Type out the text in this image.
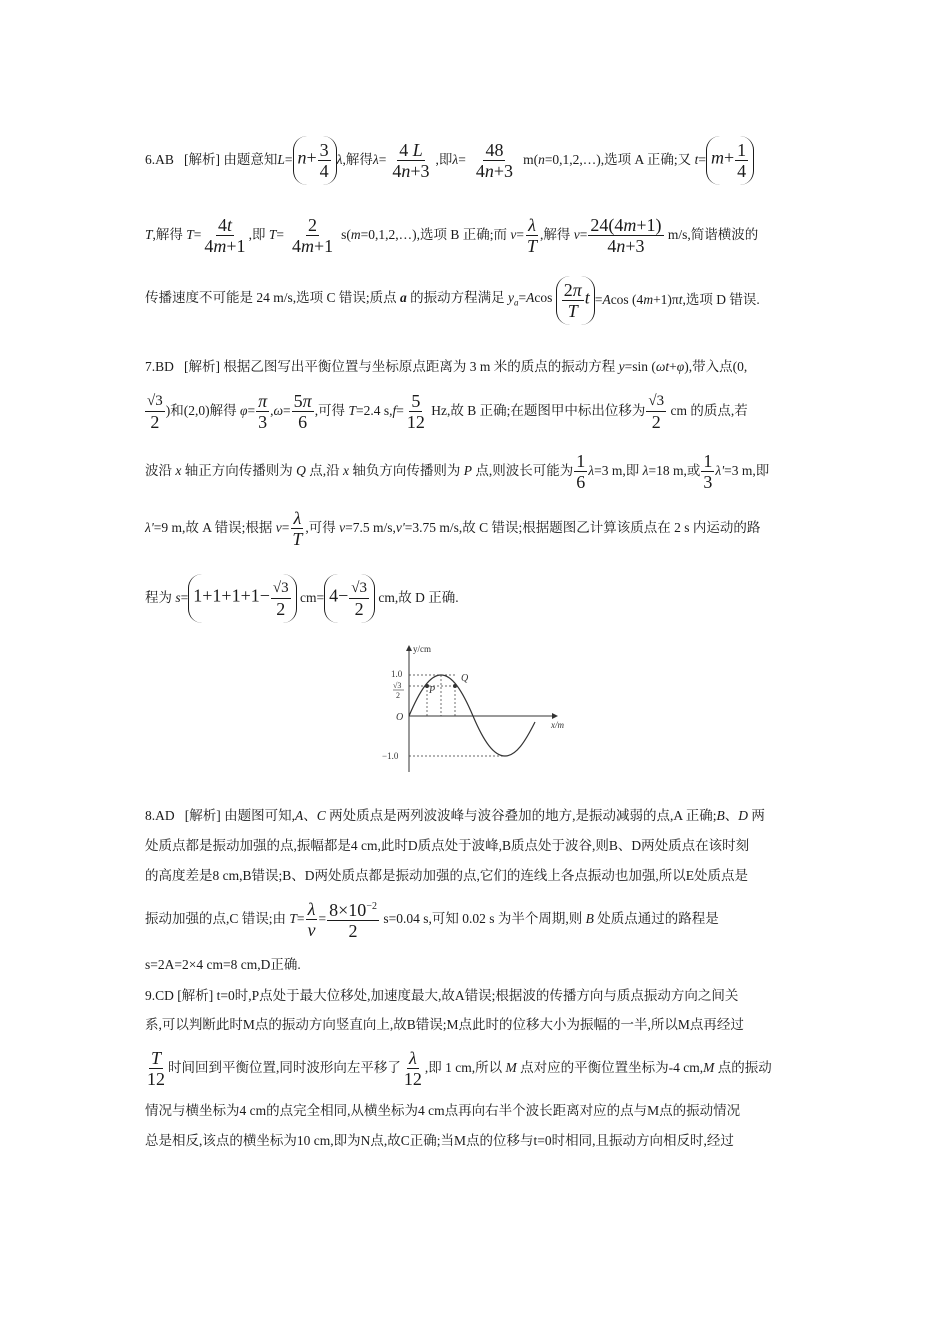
6.AB   [解析] 由题意知$L= n+ \frac{3}{4} \lambda$,解得$\lambda= \frac{4 L}{4n+3}$ ,即$\lambda= \frac{48}{4n+3}$ m(n=0,1,2,…),选项 A 正确;又 $t= m+ \frac{1}{4}$
T,解得 $T= \frac{4t}{4m+1}$ ,即 $T= \frac{2}{4m+1}$ s(m=0,1,2,…),选项 B 正确;而 $v= \frac{\lambda}{T}$ ,解得 $v= \frac{24(4m+1)}{4n+3} m/s$,简谐横波的
传播速度不可能是 24 m/s,选项 C 错误;质点 a 的振动方程满足 $y_a=Acos \frac{2\pi}{T}$ t =Acos (4m+1)πt,选项 D 错误.
7.BD   [解析] 根据乙图写出平衡位置与坐标原点距离为 3 m 米的质点的振动方程 y=sin (ωt+φ),带入点(0,
$\frac{√3}{2}$ )和(2,0)解得 $\varphi= \frac{\pi}{3} ,\omega= \frac{5\pi}{6}$ ,可得 T=2.4 $s,f= \frac{5}{12} Hz$,故 B 正确;在题图甲中标出位移为 $\frac{√3}{2}$ cm 的质点,若
波沿 x 轴正方向传播则为 Q 点,沿 x 轴负方向传播则为 P 点,则波长可能为 $\frac{1}{6} \lambda=3$ m,即 λ=18 m,或 $\frac{1}{3} \lambda'=3$ m,即
λ'=9 m,故 A 错误;根据 $v= \frac{\lambda}{T}$ ,可得 v=7.5 m/s,v'=3.75 m/s,故 C 错误;根据题图乙计算该质点在 2 s 内运动的路
程为 $s= 1+1+1+1- \frac{√3}{2} cm= 4- \frac{√3}{2}$ cm,故 D 正确.
y/cm
x/m
1.0
−1.0
√3
2
O
P
Q
8.AD   [解析] 由题图可知,A、C 两处质点是两列波波峰与波谷叠加的地方,是振动减弱的点,A 正确;B、D 两
处质点都是振动加强的点,振幅都是4 cm,此时D质点处于波峰,B质点处于波谷,则B、D两处质点在该时刻
的高度差是8 cm,B错误;B、D两处质点都是振动加强的点,它们的连线上各点振动也加强,所以E处质点是
振动加强的点,C 错误;由 $T= \frac{\lambda}{v} = \frac{8\times 10^{-2}}{2} s=0.04$ s,可知 0.02 s 为半个周期,则 B 处质点通过的路程是
s=2A=2×4 cm=8 cm,D正确.
9.CD [解析] t=0时,P点处于最大位移处,加速度最大,故A错误;根据波的传播方向与质点振动方向之间关
系,可以判断此时M点的振动方向竖直向上,故B错误;M点此时的位移大小为振幅的一半,所以M点再经过
$\frac{T}{12}$ 时间回到平衡位置,同时波形向左平移了 $\frac{\lambda}{12}$ ,即 1 cm,所以 M 点对应的平衡位置坐标为-4 cm,M 点的振动
情况与横坐标为4 cm的点完全相同,从横坐标为4 cm点再向右半个波长距离对应的点与M点的振动情况
总是相反,该点的横坐标为10 cm,即为N点,故C正确;当M点的位移与t=0时相同,且振动方向相反时,经过
